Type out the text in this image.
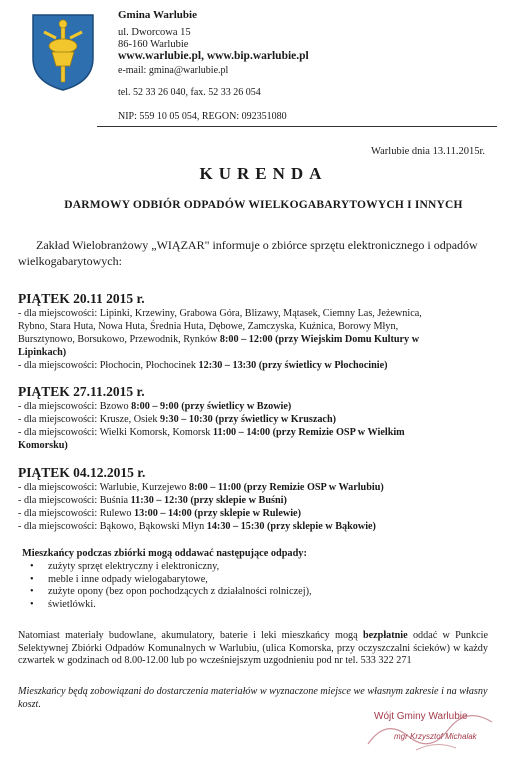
Gmina Warlubie
ul. Dworcowa 15
86-160 Warlubie
www.warlubie.pl, www.bip.warlubie.pl
e-mail: gmina@warlubie.pl
tel. 52 33 26 040, fax. 52 33 26 054
NIP: 559 10 05 054, REGON: 092351080
Warlubie dnia 13.11.2015r.
KURENDA
DARMOWY ODBIÓR ODPADÓW WIELKOGABARYTOWYCH I INNYCH
Zakład Wielobranżowy „WIĄZAR" informuje o zbiórce sprzętu elektronicznego i odpadów wielkogabarytowych:
PIĄTEK 20.11 2015 r.
- dla miejscowości: Lipinki, Krzewiny, Grabowa Góra, Blizawy, Mątasek, Ciemny Las, Jeżewnica,
Rybno, Stara Huta, Nowa Huta, Średnia Huta, Dębowe, Zamczyska, Kuźnica, Borowy Młyn,
Bursztynowo, Borsukowo, Przewodnik, Rynków 8:00 – 12:00 (przy Wiejskim Domu Kultury w
Lipinkach)
- dla miejscowości: Płochocin, Płochocinek 12:30 – 13:30 (przy świetlicy w Płochocinie)
PIĄTEK 27.11.2015 r.
- dla miejscowości: Bzowo 8:00 – 9:00 (przy świetlicy w Bzowie)
- dla miejscowości: Krusze, Osiek 9:30 – 10:30 (przy świetlicy w Kruszach)
- dla miejscowości: Wielki Komorsk, Komorsk 11:00 – 14:00 (przy Remizie OSP w Wielkim
Komorsku)
PIĄTEK 04.12.2015 r.
- dla miejscowości: Warlubie, Kurzejewo 8:00 – 11:00 (przy Remizie OSP w Warlubiu)
- dla miejscowości: Buśnia 11:30 – 12:30 (przy sklepie w Buśni)
- dla miejscowości: Rulewo 13:00 – 14:00 (przy sklepie w Rulewie)
- dla miejscowości: Bąkowo, Bąkowski Młyn 14:30 – 15:30 (przy sklepie w Bąkowie)
Mieszkańcy podczas zbiórki mogą oddawać następujące odpady:
• zużyty sprzęt elektryczny i elektroniczny,
• meble i inne odpady wielogabarytowe,
• zużyte opony (bez opon pochodzących z działalności rolniczej),
• świetlówki.
Natomiast materiały budowlane, akumulatory, baterie i leki mieszkańcy mogą bezpłatnie oddać w Punkcie Selektywnej Zbiórki Odpadów Komunalnych w Warlubiu, (ulica Komorska, przy oczyszczalni ścieków) w każdy czwartek w godzinach od 8.00-12.00 lub po wcześniejszym uzgodnieniu pod nr tel. 533 322 271
Mieszkańcy będą zobowiązani do dostarczenia materiałów w wyznaczone miejsce we własnym zakresie i na własny koszt.
Wójt Gminy Warlubie
mgr Krzysztof Michalak
